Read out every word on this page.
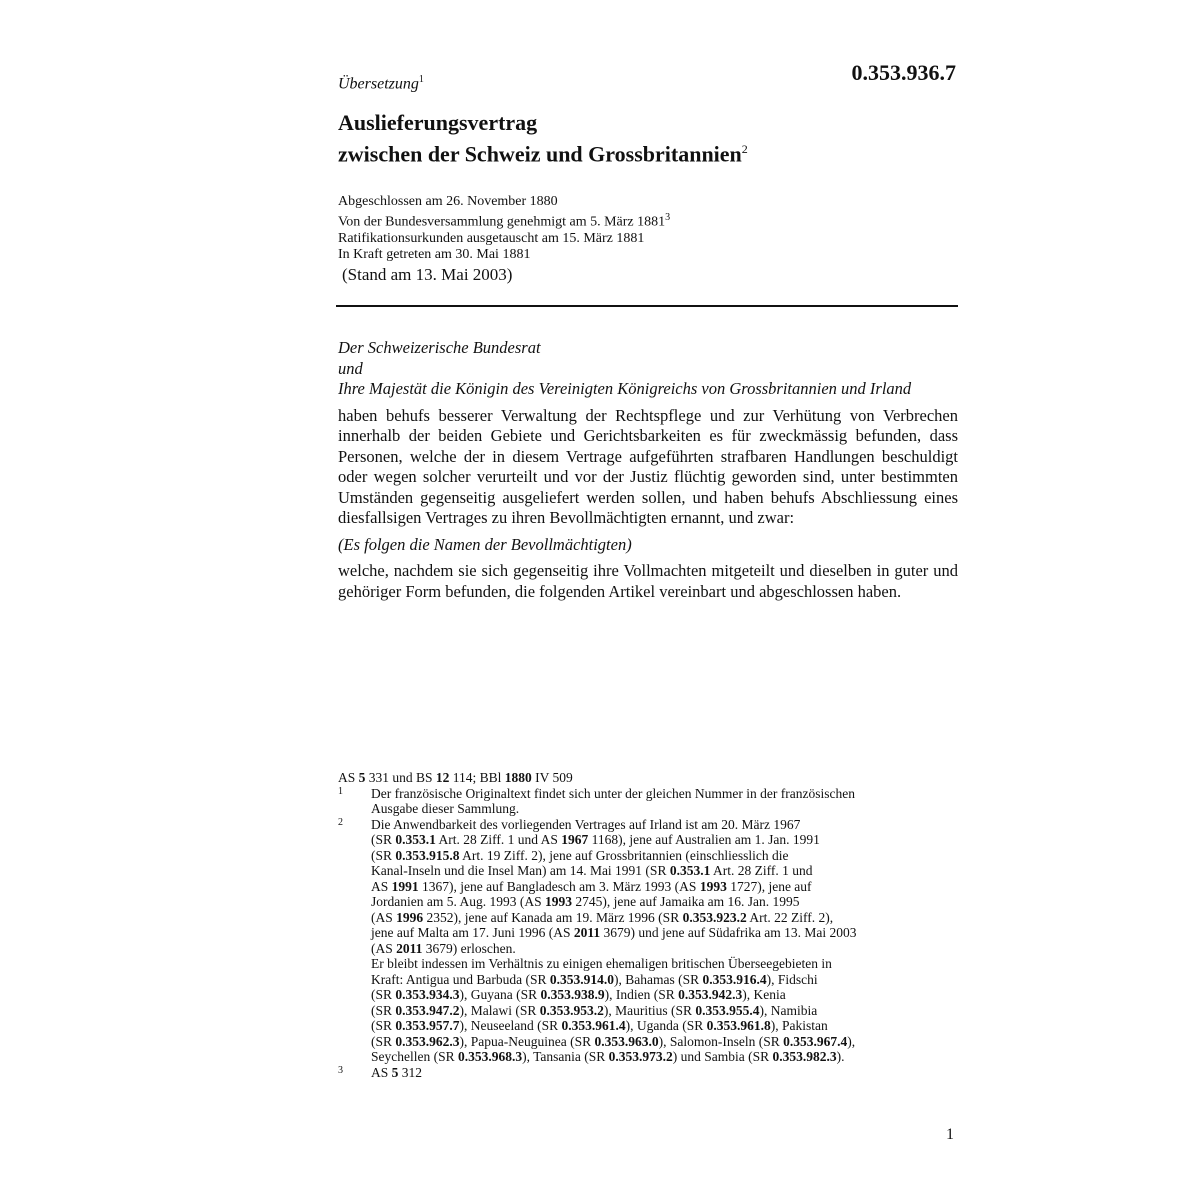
Übersetzung$^1$	0.353.936.7
Auslieferungsvertrag
zwischen der Schweiz und Grossbritannien$^2$
Abgeschlossen am 26. November 1880
Von der Bundesversammlung genehmigt am 5. März 1881$^3$
Ratifikationsurkunden ausgetauscht am 15. März 1881
In Kraft getreten am 30. Mai 1881
(Stand am 13. Mai 2003)

Der Schweizerische Bundesrat

und

Ihre Majestät die Königin des Vereinigten Königreichs von Grossbritannien und Irland

haben behufs besserer Verwaltung der Rechtspflege und zur Verhütung von Verbrechen innerhalb der beiden Gebiete und Gerichtsbarkeiten es für zweckmässig befunden, dass Personen, welche der in diesem Vertrage aufgeführten strafbaren Handlungen beschuldigt oder wegen solcher verurteilt und vor der Justiz flüchtig geworden sind, unter bestimmten Umständen gegenseitig ausgeliefert werden sollen, und haben behufs Abschliessung eines diesfallsigen Vertrages zu ihren Bevollmächtigten ernannt, und zwar:

(Es folgen die Namen der Bevollmächtigten)

welche, nachdem sie sich gegenseitig ihre Vollmachten mitgeteilt und dieselben in guter und gehöriger Form befunden, die folgenden Artikel vereinbart und abgeschlossen haben.

AS 5 331 und BS 12 114; BBl 1880 IV 509
1 Der französische Originaltext findet sich unter der gleichen Nummer in der französischen
Ausgabe dieser Sammlung.
2 Die Anwendbarkeit des vorliegenden Vertrages auf Irland ist am 20. März 1967
(SR 0.353.1 Art. 28 Ziff. 1 und AS 1967 1168), jene auf Australien am 1. Jan. 1991
(SR 0.353.915.8 Art. 19 Ziff. 2), jene auf Grossbritannien (einschliesslich die
Kanal-Inseln und die Insel Man) am 14. Mai 1991 (SR 0.353.1 Art. 28 Ziff. 1 und
AS 1991 1367), jene auf Bangladesch am 3. März 1993 (AS 1993 1727), jene auf
Jordanien am 5. Aug. 1993 (AS 1993 2745), jene auf Jamaika am 16. Jan. 1995
(AS 1996 2352), jene auf Kanada am 19. März 1996 (SR 0.353.923.2 Art. 22 Ziff. 2),
jene auf Malta am 17. Juni 1996 (AS 2011 3679) und jene auf Südafrika am 13. Mai 2003
(AS 2011 3679) erloschen.
Er bleibt indessen im Verhältnis zu einigen ehemaligen britischen Überseegebieten in
Kraft: Antigua und Barbuda (SR 0.353.914.0), Bahamas (SR 0.353.916.4), Fidschi
(SR 0.353.934.3), Guyana (SR 0.353.938.9), Indien (SR 0.353.942.3), Kenia
(SR 0.353.947.2), Malawi (SR 0.353.953.2), Mauritius (SR 0.353.955.4), Namibia
(SR 0.353.957.7), Neuseeland (SR 0.353.961.4), Uganda (SR 0.353.961.8), Pakistan
(SR 0.353.962.3), Papua-Neuguinea (SR 0.353.963.0), Salomon-Inseln (SR 0.353.967.4),
Seychellen (SR 0.353.968.3), Tansania (SR 0.353.973.2) und Sambia (SR 0.353.982.3).
3 AS 5 312
1
